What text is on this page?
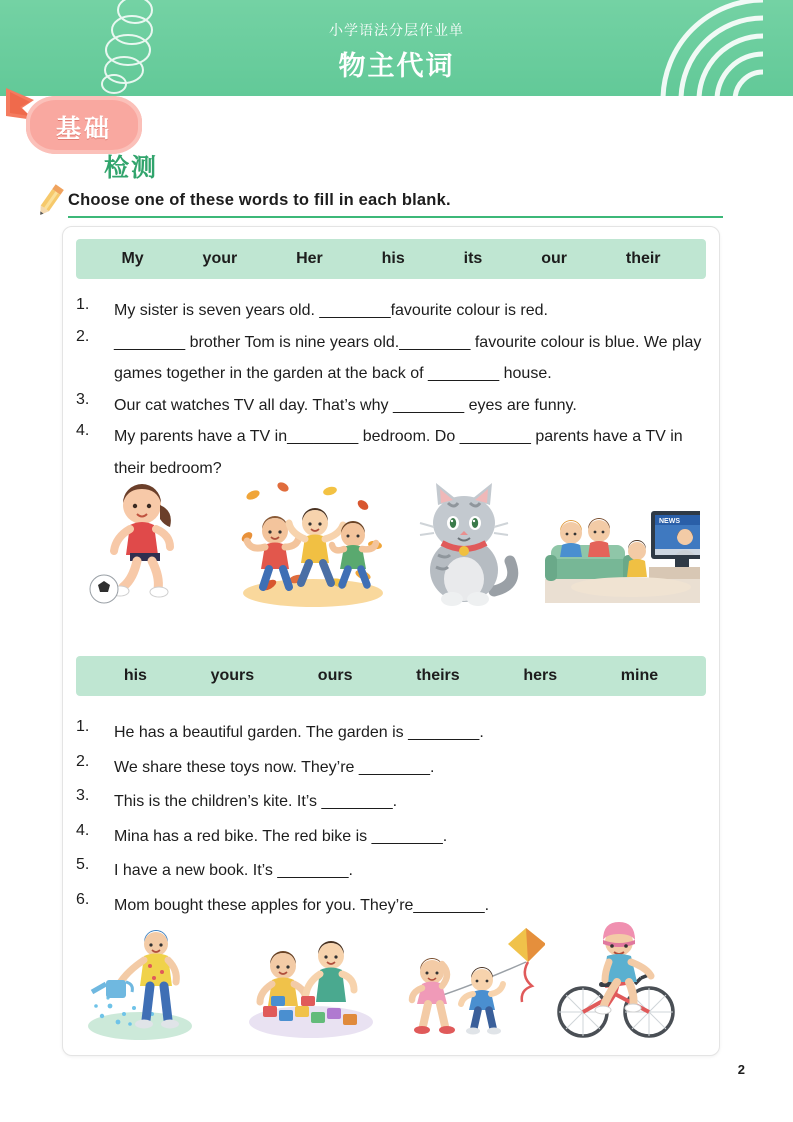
小学语法分层作业单
物主代词
基础
检测
Choose one of these words to fill in each blank.
My	your	Her	his	its	our	their
1.	My sister is seven years old. ________favourite colour is red.
2.	________ brother Tom is nine years old.________ favourite colour is blue. We play games together in the garden at the back of ________ house.
3.	Our cat watches TV all day. That’s why ________ eyes are funny.
4.	My parents have a TV in________ bedroom. Do ________ parents have a TV in their bedroom?
NEWS
his	yours	ours	theirs	hers	mine
1.	He has a beautiful garden. The garden is ________.
2.	We share these toys now. They’re ________.
3.	This is the children’s kite. It’s ________.
4.	Mina has a red bike. The red bike is ________.
5.	I have a new book. It’s ________.
6.	Mom bought these apples for you. They’re________.
2
